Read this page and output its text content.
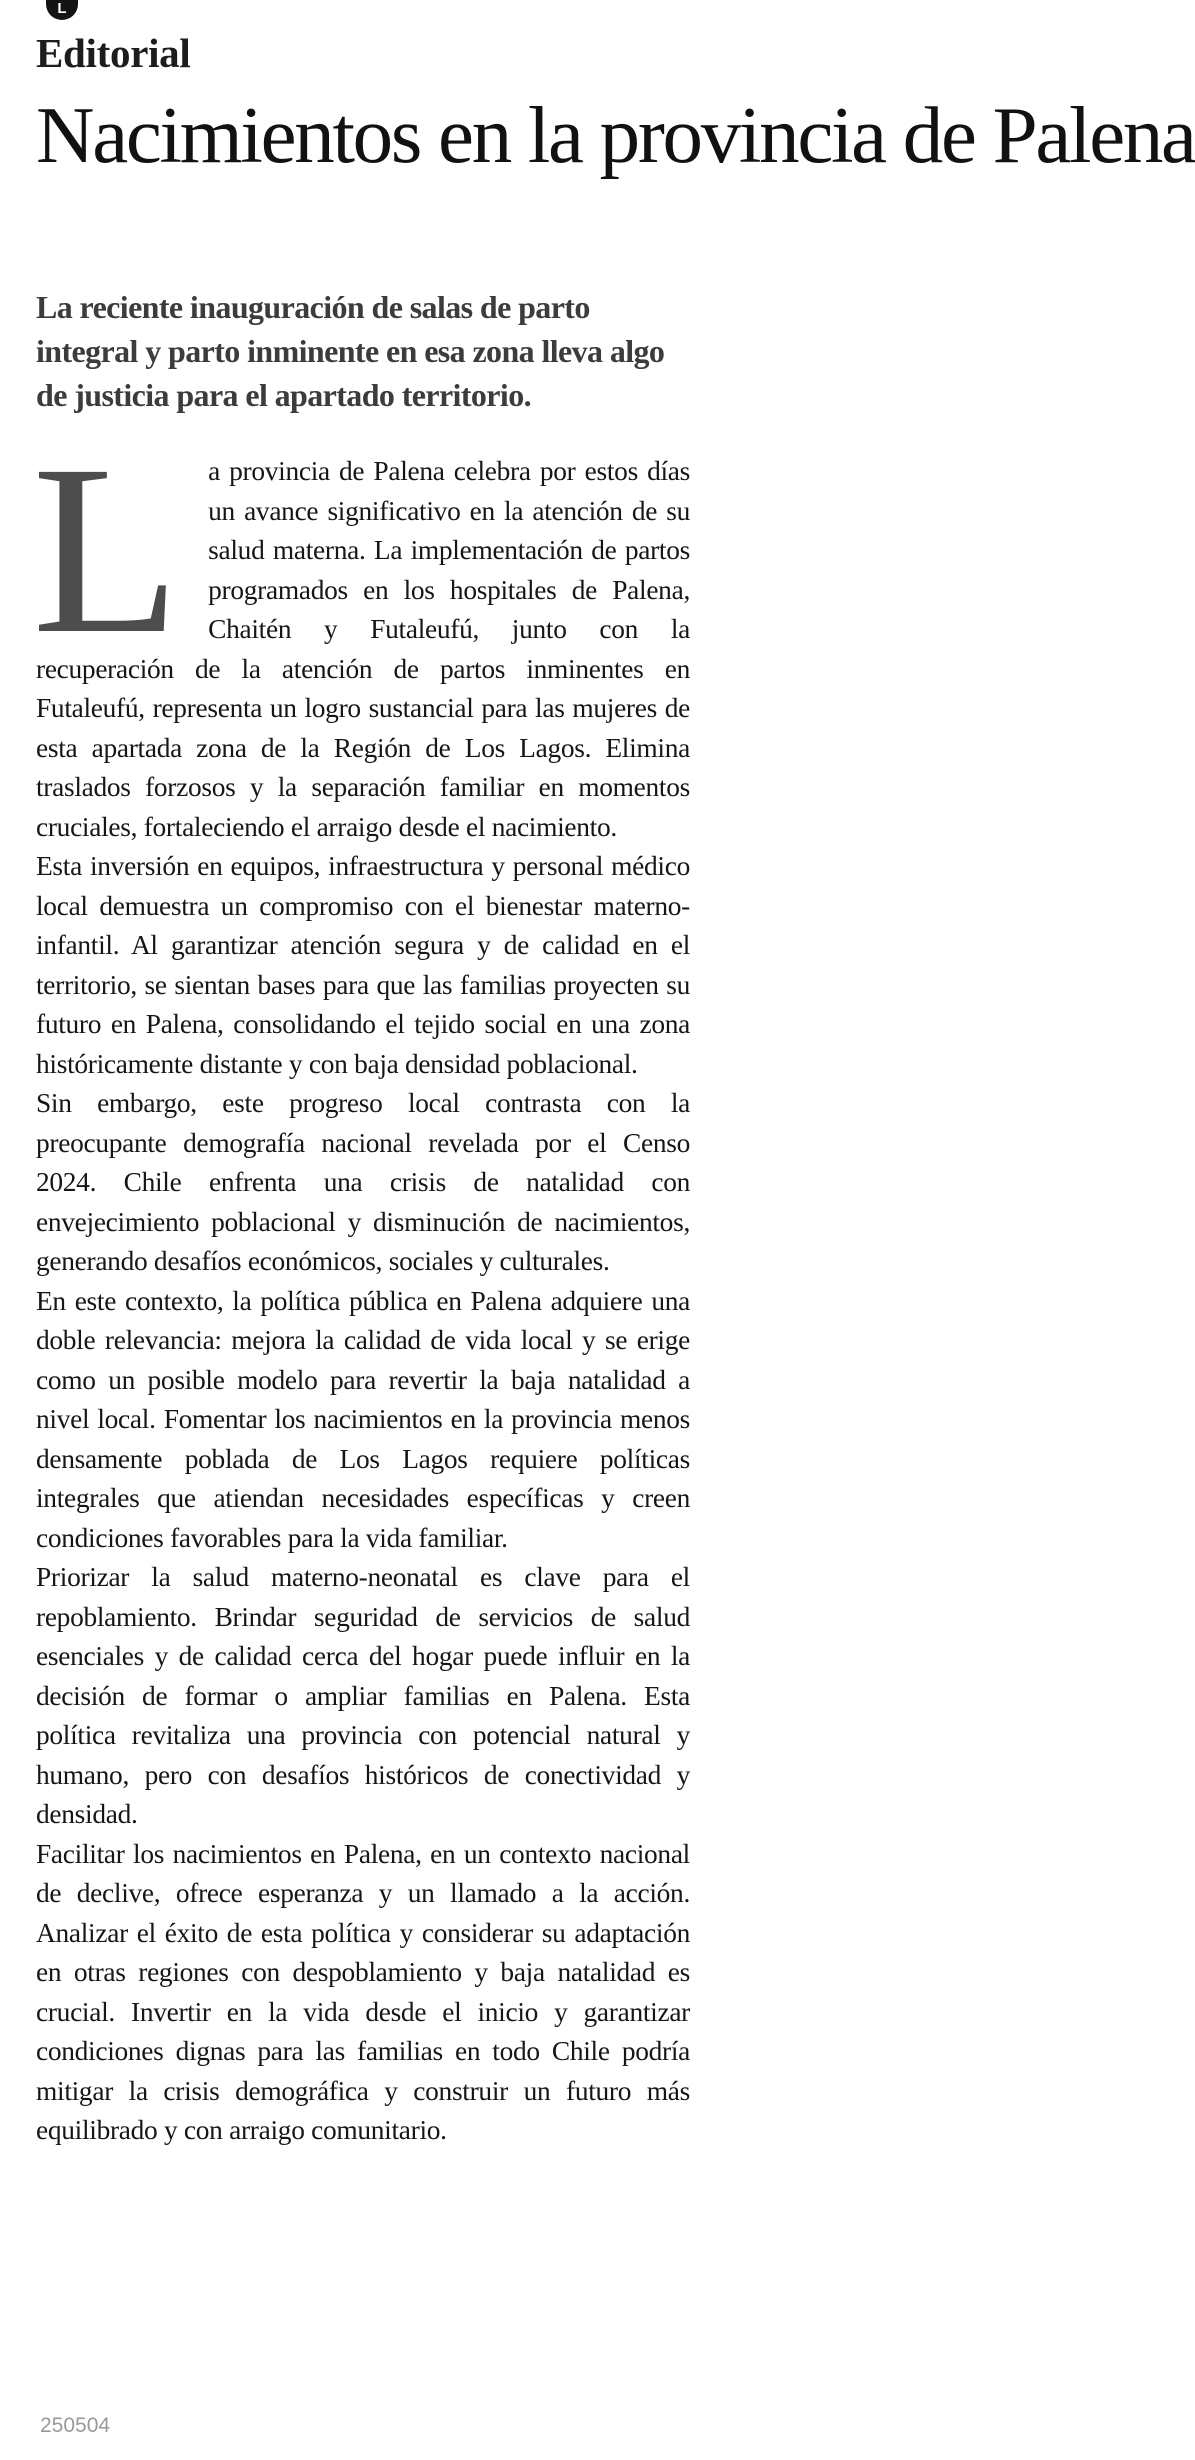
L
Editorial
Nacimientos en la provincia de Palena

La reciente inauguración de salas de parto integral y parto inminente en esa zona lleva algo de justicia para el apartado territorio.

L	a provincia de Palena celebra por estos días un avance significativo en la atención de su salud materna. La implementación de partos programados en los hospitales de Palena, Chaitén y Futaleufú, junto con la recuperación de la atención de partos inminentes en Futaleufú, representa un logro sustancial para las mujeres de esta apartada zona de la Región de Los Lagos. Elimina traslados forzosos y la separación familiar en momentos cruciales, fortaleciendo el arraigo desde el nacimiento.

Esta inversión en equipos, infraestructura y personal médico local demuestra un compromiso con el bienestar materno-infantil. Al garantizar atención segura y de calidad en el territorio, se sientan bases para que las familias proyecten su futuro en Palena, consolidando el tejido social en una zona históricamente distante y con baja densidad poblacional.

Sin embargo, este progreso local contrasta con la preocupante demografía nacional revelada por el Censo 2024. Chile enfrenta una crisis de natalidad con envejecimiento poblacional y disminución de nacimientos, generando desafíos económicos, sociales y culturales.

En este contexto, la política pública en Palena adquiere una doble relevancia: mejora la calidad de vida local y se erige como un posible modelo para revertir la baja natalidad a nivel local. Fomentar los nacimientos en la provincia menos densamente poblada de Los Lagos requiere políticas integrales que atiendan necesidades específicas y creen condiciones favorables para la vida familiar.

Priorizar la salud materno-neonatal es clave para el repoblamiento. Brindar seguridad de servicios de salud esenciales y de calidad cerca del hogar puede influir en la decisión de formar o ampliar familias en Palena. Esta política revitaliza una provincia con potencial natural y humano, pero con desafíos históricos de conectividad y densidad.

Facilitar los nacimientos en Palena, en un contexto nacional de declive, ofrece esperanza y un llamado a la acción. Analizar el éxito de esta política y considerar su adaptación en otras regiones con despoblamiento y baja natalidad es crucial. Invertir en la vida desde el inicio y garantizar condiciones dignas para las familias en todo Chile podría mitigar la crisis demográfica y construir un futuro más equilibrado y con arraigo comunitario.

250504
